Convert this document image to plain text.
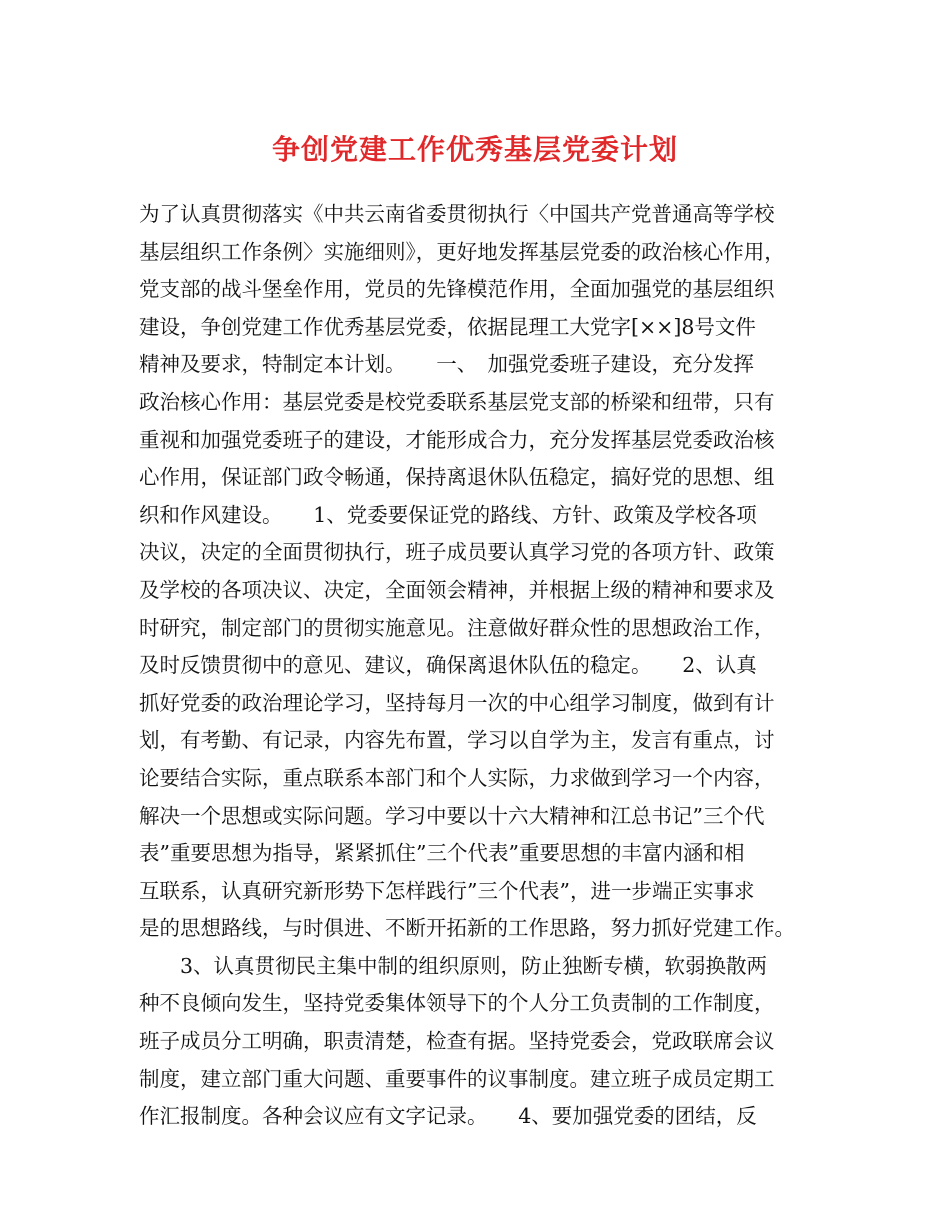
争创党建工作优秀基层党委计划
为了认真贯彻落实《中共云南省委贯彻执行〈中国共产党普通高等学校
基层组织工作条例〉实施细则》，更好地发挥基层党委的政治核心作用，
党支部的战斗堡垒作用，党员的先锋模范作用，全面加强党的基层组织
建设，争创党建工作优秀基层党委，依据昆理工大党字[××]8号文件
精神及要求，特制定本计划。　　一、　加强党委班子建设，充分发挥
政治核心作用：基层党委是校党委联系基层党支部的桥梁和纽带，只有
重视和加强党委班子的建设，才能形成合力，充分发挥基层党委政治核
心作用，保证部门政令畅通，保持离退休队伍稳定，搞好党的思想、组
织和作风建设。　　1、党委要保证党的路线、方针、政策及学校各项
决议，决定的全面贯彻执行，班子成员要认真学习党的各项方针、政策
及学校的各项决议、决定，全面领会精神，并根据上级的精神和要求及
时研究，制定部门的贯彻实施意见。注意做好群众性的思想政治工作，
及时反馈贯彻中的意见、建议，确保离退休队伍的稳定。　　2、认真
抓好党委的政治理论学习，坚持每月一次的中心组学习制度，做到有计
划，有考勤、有记录，内容先布置，学习以自学为主，发言有重点，讨
论要结合实际，重点联系本部门和个人实际，力求做到学习一个内容，
解决一个思想或实际问题。学习中要以十六大精神和江总书记”三个代
表”重要思想为指导，紧紧抓住”三个代表”重要思想的丰富内涵和相
互联系，认真研究新形势下怎样践行”三个代表”，进一步端正实事求
是的思想路线，与时俱进、不断开拓新的工作思路，努力抓好党建工作。
　　3、认真贯彻民主集中制的组织原则，防止独断专横，软弱换散两
种不良倾向发生，坚持党委集体领导下的个人分工负责制的工作制度，
班子成员分工明确，职责清楚，检查有据。坚持党委会，党政联席会议
制度，建立部门重大问题、重要事件的议事制度。建立班子成员定期工
作汇报制度。各种会议应有文字记录。　　4、要加强党委的团结，反
